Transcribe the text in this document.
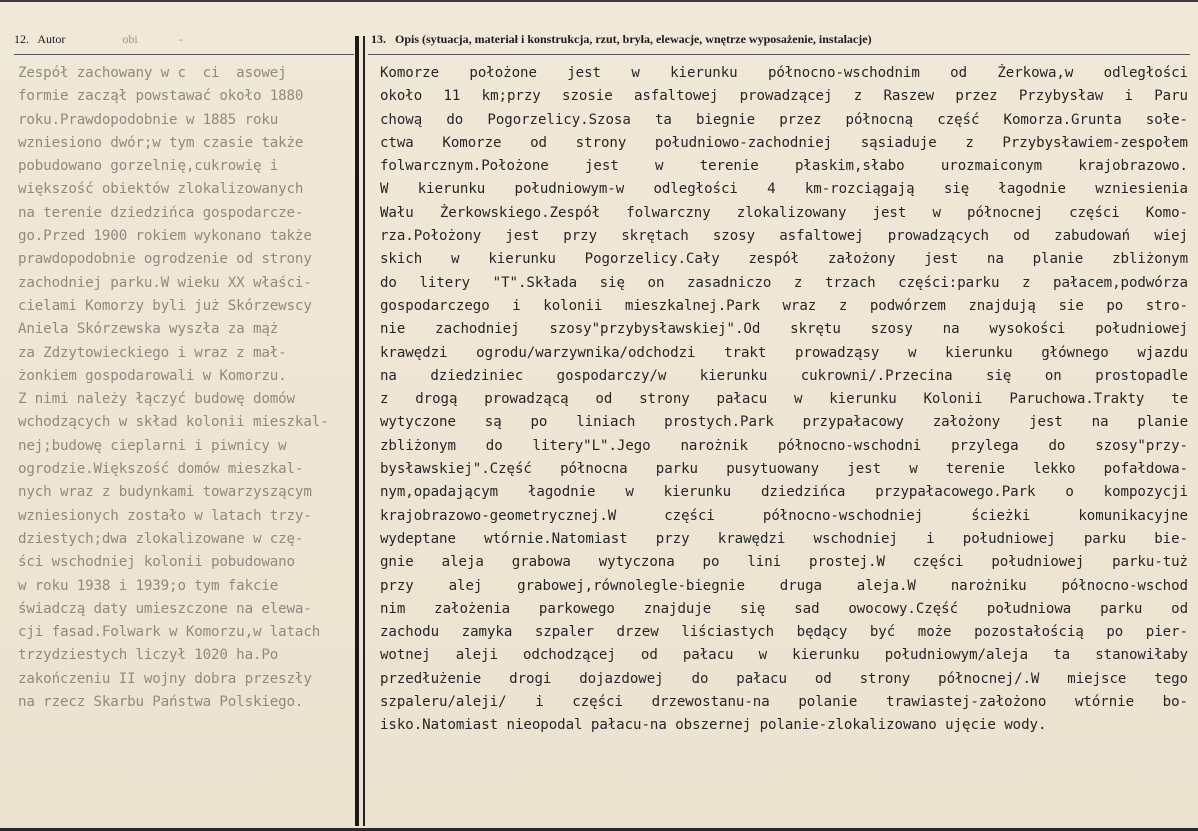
12. Autor	obi	-	13. Opis (sytuacja, materiał i konstrukcja, rzut, bryła, elewacje, wnętrze wyposażenie, instalacje)
Zespół zachowany w c  ci  asowej
formie zaczął powstawać około 1880
roku.Prawdopodobnie w 1885 roku
wzniesiono dwór;w tym czasie także
pobudowano gorzelnię,cukrowię i
większość obiektów zlokalizowanych
na terenie dziedzińca gospodarcze-
go.Przed 1900 rokiem wykonano także
prawdopodobnie ogrodzenie od strony
zachodniej parku.W wieku XX właści-
cielami Komorzy byli już Skórzewscy
Aniela Skórzewska wyszła za mąż
za Zdzytowieckiego i wraz z mał-
żonkiem gospodarowali w Komorzu.
Z nimi należy łączyć budowę domów
wchodzących w skład kolonii mieszkal-
nej;budowę cieplarni i piwnicy w
ogrodzie.Większość domów mieszkal-
nych wraz z budynkami towarzyszącym
wzniesionych zostało w latach trzy-
dziestych;dwa zlokalizowane w czę-
ści wschodniej kolonii pobudowano
w roku 1938 i 1939;o tym fakcie
świadczą daty umieszczone na elewa-
cji fasad.Folwark w Komorzu,w latach
trzydziestych liczył 1020 ha.Po
zakończeniu II wojny dobra przeszły
na rzecz Skarbu Państwa Polskiego.
Komorze położone jest w kierunku północno-wschodnim od Żerkowa,w odległości
około 11 km;przy szosie asfaltowej prowadzącej z Raszew przez Przybysław i Paru
chową do Pogorzelicy.Szosa ta biegnie przez północną część Komorza.Grunta sołe-
ctwa Komorze od strony południowo-zachodniej sąsiaduje z Przybysławiem-zespołem
folwarcznym.Położone jest w terenie płaskim,słabo urozmaiconym krajobrazowo.
W kierunku południowym-w odległości 4 km-rozciągają się łagodnie wzniesienia
Wału Żerkowskiego.Zespół folwarczny zlokalizowany jest w północnej części Komo-
rza.Położony jest przy skrętach szosy asfaltowej prowadzących od zabudowań wiej
skich w kierunku Pogorzelicy.Cały zespół założony jest na planie zbliżonym
do litery "T".Składa się on zasadniczo z trzach części:parku z pałacem,podwórza
gospodarczego i kolonii mieszkalnej.Park wraz z podwórzem znajdują sie po stro-
nie zachodniej szosy"przybysławskiej".Od skrętu szosy na wysokości południowej
krawędzi ogrodu/warzywnika/odchodzi trakt prowadząsy w kierunku głównego wjazdu
na dziedziniec gospodarczy/w kierunku cukrowni/.Przecina się on prostopadle
z drogą prowadzącą od strony pałacu w kierunku Kolonii Paruchowa.Trakty te
wytyczone są po liniach prostych.Park przypałacowy założony jest na planie
zbliżonym do litery"L".Jego narożnik północno-wschodni przylega do szosy"przy-
bysławskiej".Część północna parku pusytuowany jest w terenie lekko pofałdowa-
nym,opadającym łagodnie w kierunku dziedzińca przypałacowego.Park o kompozycji
krajobrazowo-geometrycznej.W części północno-wschodniej ścieżki komunikacyjne
wydeptane wtórnie.Natomiast przy krawędzi wschodniej i południowej parku bie-
gnie aleja grabowa wytyczona po lini prostej.W części południowej parku-tuż
przy alej grabowej,równolegle-biegnie druga aleja.W narożniku północno-wschod
nim założenia parkowego znajduje się sad owocowy.Część południowa parku od
zachodu zamyka szpaler drzew liściastych będący być może pozostałością po pier-
wotnej aleji odchodzącej od pałacu w kierunku południowym/aleja ta stanowiłaby
przedłużenie drogi dojazdowej do pałacu od strony północnej/.W miejsce tego
szpaleru/aleji/ i części drzewostanu-na polanie trawiastej-założono wtórnie bo-
isko.Natomiast nieopodal pałacu-na obszernej polanie-zlokalizowano ujęcie wody.
